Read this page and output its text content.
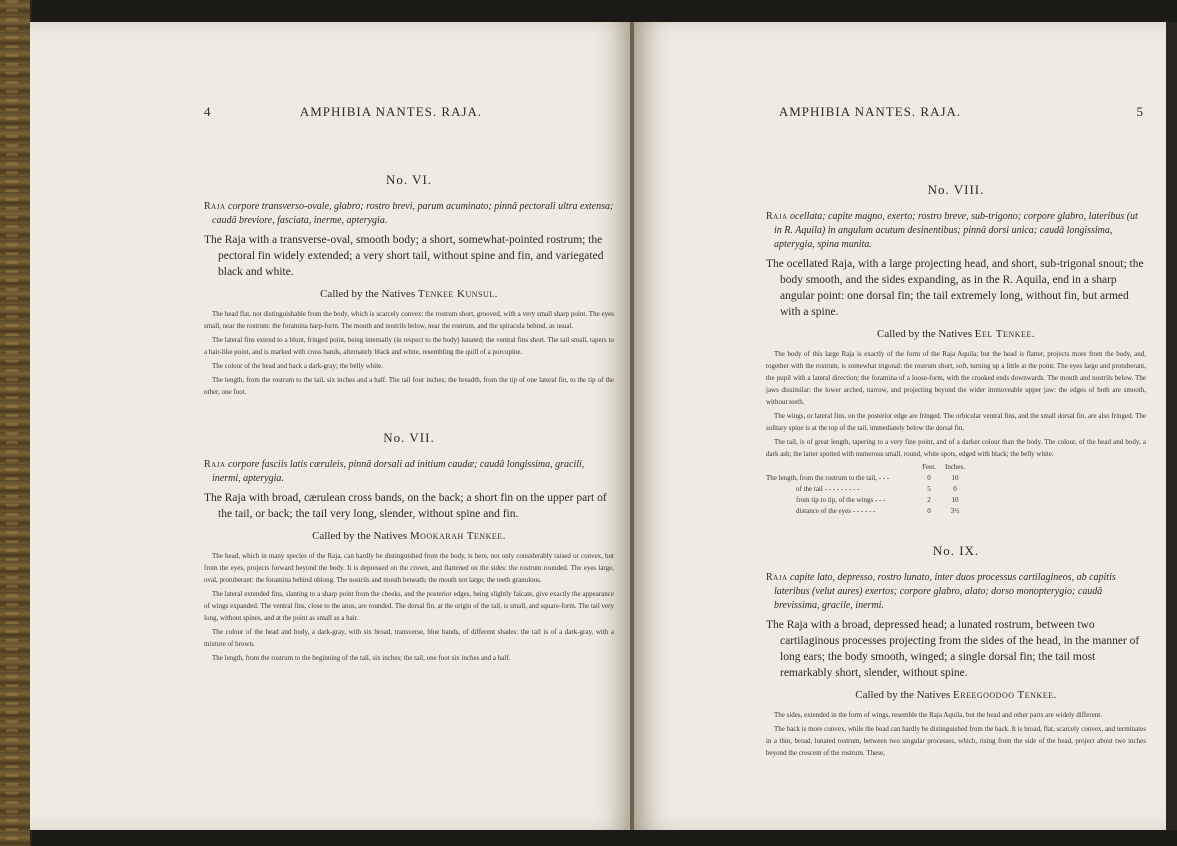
4	AMPHIBIA NANTES. RAJA.
No. VI.

Raja corpore transverso-ovale, glabro; rostro brevi, parum acuminato; pinnâ pectorali ultra extensa; caudâ breviore, fasciata, inerme, apterygia.

The Raja with a transverse-oval, smooth body; a short, somewhat-pointed rostrum; the pectoral fin widely extended; a very short tail, without spine and fin, and variegated black and white.

Called by the Natives Tenkee Kunsul.

The head flat, not distinguishable from the body, which is scarcely convex: the rostrum short, grooved, with a very small sharp point. The eyes small, near the rostrum: the foramina harp-form. The mouth and nostrils below, near the rostrum, and the spiracula behind, as usual.

The lateral fins extend to a blunt, fringed point, being internally (in respect to the body) lunated; the ventral fins short. The tail small, tapers to a hair-like point, and is marked with cross bands, alternately black and white, resembling the quill of a porcupine.

The colour of the head and back a dark-gray; the belly white.

The length, from the rostrum to the tail, six inches and a half. The tail four inches; the breadth, from the tip of one lateral fin, to the tip of the other, one foot.

No. VII.

Raja corpore fasciis latis cæruleis, pinnâ dorsali ad initium caudæ; caudâ longissima, gracili, inermi, apterygia.

The Raja with broad, cærulean cross bands, on the back; a short fin on the upper part of the tail, or back; the tail very long, slender, without spine and fin.

Called by the Natives Mookarah Tenkee.

The head, which in many species of the Raja, can hardly be distinguished from the body, is here, not only considerably raised or convex, but from the eyes, projects forward beyond the body. It is depressed on the crown, and flattened on the sides: the rostrum rounded. The eyes large, oval, protuberant: the foramina behind oblong. The nostrils and mouth beneath; the mouth not large; the teeth granulous.

The lateral extended fins, slanting to a sharp point from the cheeks, and the posterior edges, being slightly falcate, give exactly the appearance of wings expanded. The ventral fins, close to the anus, are rounded. The dorsal fin, at the origin of the tail, is small, and square-form. The tail very long, without spines, and at the point as small as a hair.

The colour of the head and body, a dark-gray, with six broad, transverse, blue bands, of different shades: the tail is of a dark-gray, with a mixture of brown.

The length, from the rostrum to the beginning of the tail, six inches; the tail, one foot six inches and a half.

AMPHIBIA NANTES. RAJA.	5
No. VIII.

Raja ocellata; capite magno, exerto; rostro breve, sub-trigono; corpore glabro, lateribus (ut in R. Aquila) in angulum acutum desinentibus; pinnâ dorsi unica; caudâ longissima, apterygia, spina munita.

The ocellated Raja, with a large projecting head, and short, sub-trigonal snout; the body smooth, and the sides expanding, as in the R. Aquila, end in a sharp angular point: one dorsal fin; the tail extremely long, without fin, but armed with a spine.

Called by the Natives Eel Tenkee.

The body of this large Raja is exactly of the form of the Raja Aquila; but the head is flatter, projects more from the body, and, together with the rostrum, is somewhat trigonal: the rostrum short, soft, turning up a little at the point. The eyes large and protuberant, the pupil with a lateral direction; the foramina of a loose-form, with the crooked ends downwards. The mouth and nostrils below. The jaws dissimilar: the lower arched, narrow, and projecting beyond the wider immoveable upper jaw: the edges of both are smooth, without teeth.

The wings, or lateral fins, on the posterior edge are fringed. The orbicular ventral fins, and the small dorsal fin, are also fringed. The solitary spine is at the top of the tail, immediately below the dorsal fin.

The tail, is of great length, tapering to a very fine point, and of a darker colour than the body. The colour, of the head and body, a dark ash; the latter spotted with numerous small, round, white spots, edged with black; the belly white.

Feet.	Inches.
The length, from the rostrum to the tail, - - -	0	10
of the tail - - - - - - - - -	5	0
from tip to tip, of the wings - - -	2	10
distance of the eyes - - - - - -	0	3½
No. IX.

Raja capite lato, depresso, rostro lunato, inter duos processus cartilagineos, ab capitis lateribus (velut aures) exertos; corpore glabro, alato; dorso monopterygio; caudâ brevissima, gracile, inermi.

The Raja with a broad, depressed head; a lunated rostrum, between two cartilaginous processes projecting from the sides of the head, in the manner of long ears; the body smooth, winged; a single dorsal fin; the tail most remarkably short, slender, without spine.

Called by the Natives Ereegoodoo Tenkee.

The sides, extended in the form of wings, resemble the Raja Aquila, but the head and other parts are widely different.

The back is more convex, while the head can hardly be distinguished from the back. It is broad, flat, scarcely convex, and terminates in a thin, broad, lunated rostrum, between two singular processes, which, rising from the side of the head, project about two inches beyond the crescent of the rostrum. These,
